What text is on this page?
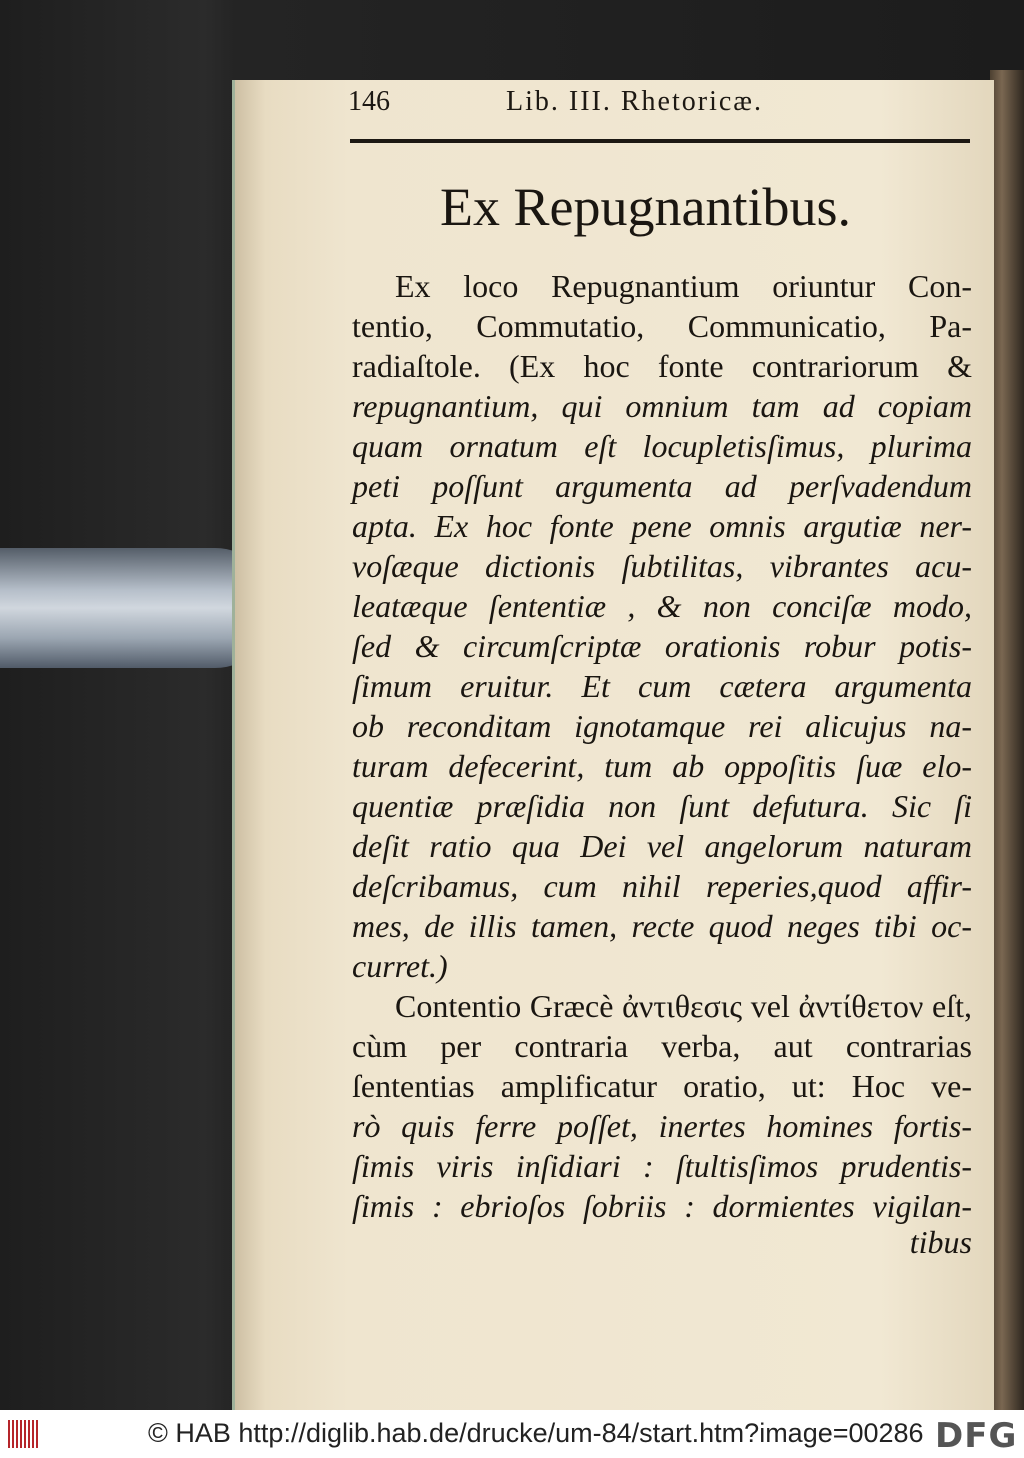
146	Lib. III. Rhetoricæ.
Ex Repugnantibus.

Ex loco Repugnantium oriuntur Con-

tentio, Commutatio, Communicatio, Pa-

radiaſtole. (Ex hoc fonte contrariorum &

repugnantium, qui omnium tam ad copiam

quam ornatum eſt locupletisſimus, plurima

peti poſſunt argumenta ad perſvadendum

apta. Ex hoc fonte pene omnis argutiæ ner-

voſæque dictionis ſubtilitas, vibrantes acu-

leatæque ſententiæ , & non conciſæ modo,

ſed & circumſcriptæ orationis robur potis-

ſimum eruitur. Et cum cætera argumenta

ob reconditam ignotamque rei alicujus na-

turam defecerint, tum ab oppoſitis ſuæ elo-

quentiæ præſidia non ſunt defutura. Sic ſi

deſit ratio qua Dei vel angelorum naturam

deſcribamus, cum nihil reperies,quod affir-

mes, de illis tamen, recte quod neges tibi oc-

curret.)

Contentio Græcè ἀντιθεσις vel ἀντίθετον eſt,

cùm per contraria verba, aut contrarias

ſententias amplificatur oratio, ut: Hoc ve-

rò quis ferre poſſet, inertes homines fortis-

ſimis viris inſidiari : ſtultisſimos prudentis-

ſimis : ebrioſos ſobriis : dormientes vigilan-

tibus

© HAB http://diglib.hab.de/drucke/um-84/start.htm?image=00286 DFG
